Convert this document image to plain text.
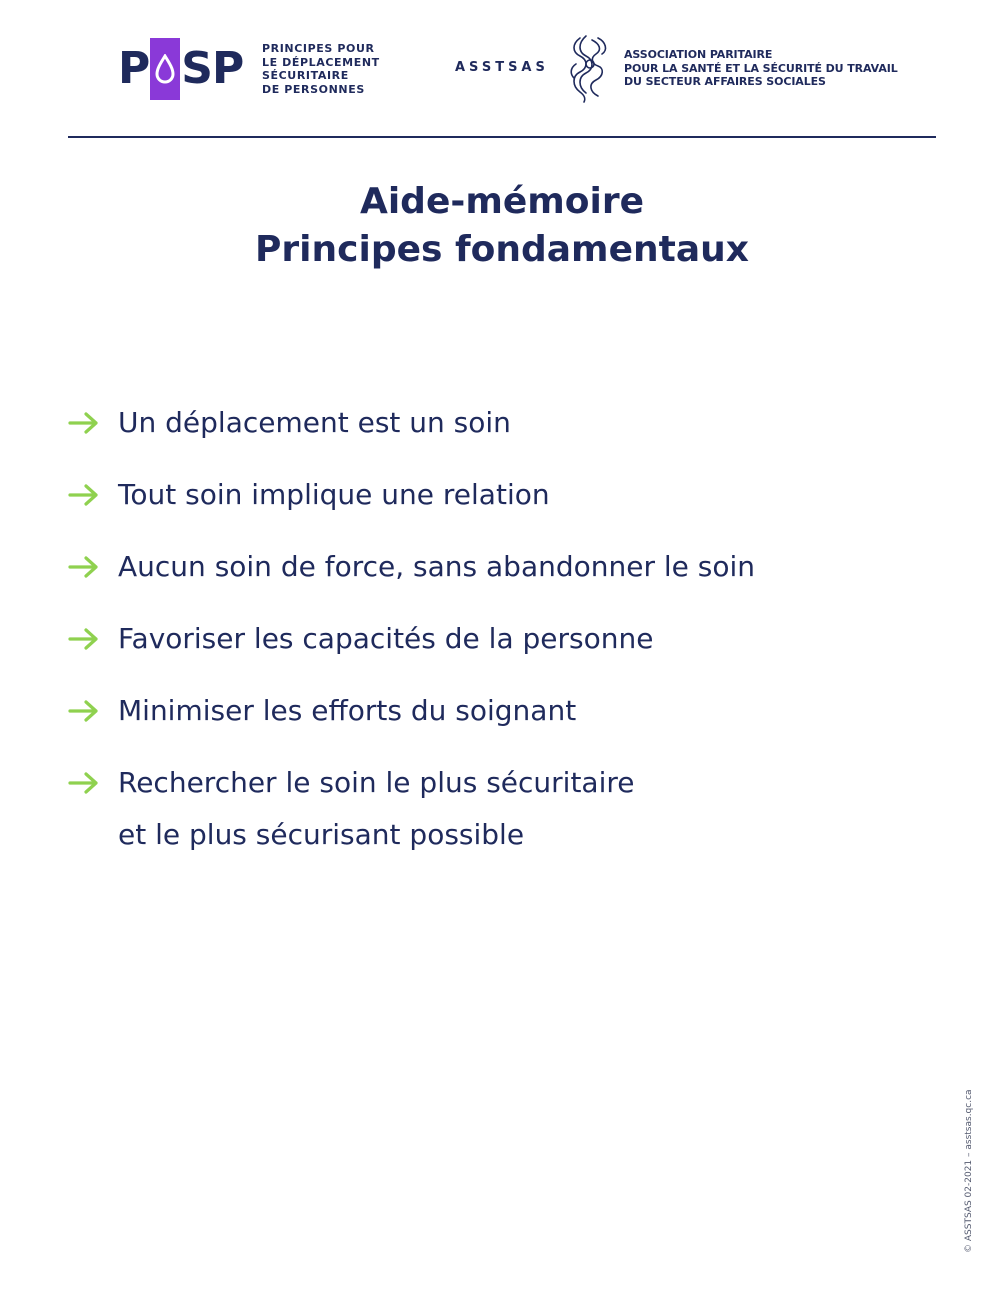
P SP PRINCIPES POUR
LE DÉPLACEMENT
SÉCURITAIRE
DE PERSONNES
ASSTSAS
ASSOCIATION PARITAIRE
POUR LA SANTÉ ET LA SÉCURITÉ DU TRAVAIL
DU SECTEUR AFFAIRES SOCIALES
Aide-mémoire
Principes fondamentaux
Un déplacement est un soin
Tout soin implique une relation
Aucun soin de force, sans abandonner le soin
Favoriser les capacités de la personne
Minimiser les efforts du soignant
Rechercher le soin le plus sécuritaire
et le plus sécurisant possible
© ASSTSAS 02-2021 – asstsas.qc.ca
